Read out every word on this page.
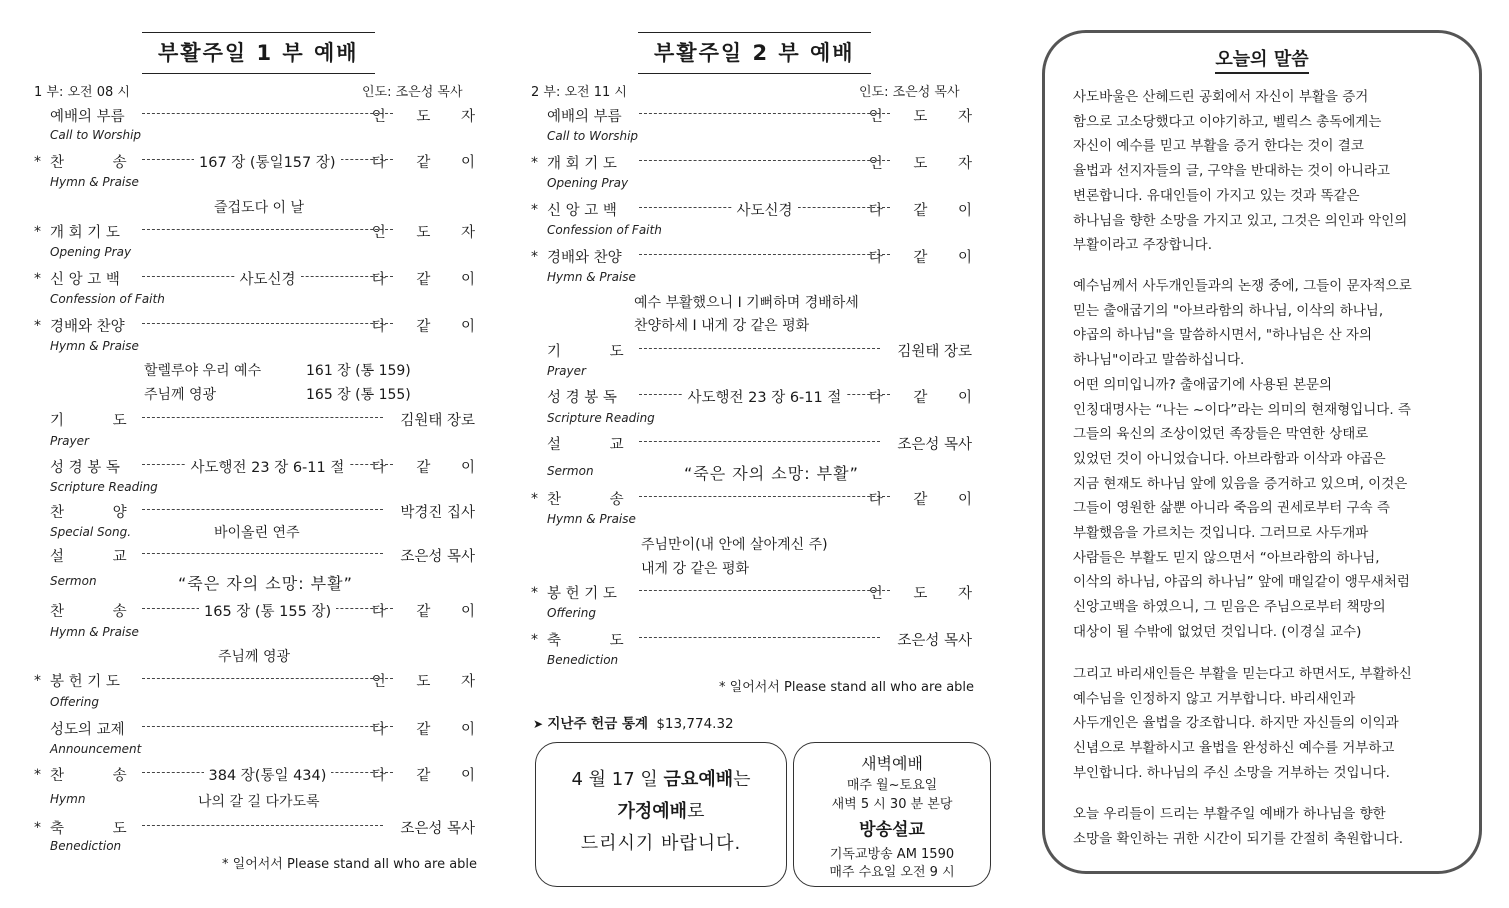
부활주일 1 부 예배
1 부: 오전 08 시	인도: 조은성 목사
예배의 부름	인 도 자
Call to Worship
* 찬 송	167 장 (통일157 장)	다 같 이
Hymn & Praise
* 개 회 기 도	인 도 자
Opening Pray
* 신 앙 고 백	사도신경	다 같 이
Confession of Faith
* 경배와 찬양	다 같 이
Hymn & Praise
기 도	김원태 장로
Prayer
성 경 봉 독	사도행전 23 장 6-11 절	다 같 이
Scripture Reading
찬 양	박경진 집사
Special Song.
설 교	조은성 목사
Sermon
찬 송	165 장 (통 155 장)	다 같 이
Hymn & Praise
* 봉 헌 기 도	인 도 자
Offering
성도의 교제	다 같 이
Announcement
* 찬 송	384 장(통일 434)	다 같 이
Hymn
* 축 도	조은성 목사
Benediction
즐겁도다 이 날
할렐루야 우리 예수	161 장 (통 159)
주님께 영광	165 장 (통 155)
바이올린 연주
“죽은 자의 소망: 부활”
주님께 영광
나의 갈 길 다가도록
* 일어서서 Please stand all who are able
부활주일 2 부 예배
2 부: 오전 11 시	인도: 조은성 목사
예배의 부름	인 도 자
Call to Worship
* 개 회 기 도	인 도 자
Opening Pray
* 신 앙 고 백	사도신경	다 같 이
Confession of Faith
* 경배와 찬양	다 같 이
Hymn & Praise
기 도	김원태 장로
Prayer
성 경 봉 독	사도행전 23 장 6-11 절	다 같 이
Scripture Reading
설 교	조은성 목사
Sermon
* 찬 송	다 같 이
Hymn & Praise
* 봉 헌 기 도	인 도 자
Offering
* 축 도	조은성 목사
Benediction
예수 부활했으니 I 기뻐하며 경배하세
찬양하세 I 내게 강 같은 평화
“죽은 자의 소망: 부활”
주님만이(내 안에 살아계신 주)
내게 강 같은 평화
* 일어서서 Please stand all who are able
➤ 지난주 헌금 통계 $13,774.32
4 월 17 일 금요예배는
가정예배로
드리시기 바랍니다.
새벽예배
매주 월~토요일
새벽 5 시 30 분 본당
방송설교
기독교방송 AM 1590
매주 수요일 오전 9 시
오늘의 말씀
사도바울은 산헤드린 공회에서 자신이 부활을 증거
함으로 고소당했다고 이야기하고, 벨릭스 총독에게는
자신이 예수를 믿고 부활을 증거 한다는 것이 결코
율법과 선지자들의 글, 구약을 반대하는 것이 아니라고
변론합니다. 유대인들이 가지고 있는 것과 똑같은
하나님을 향한 소망을 가지고 있고, 그것은 의인과 악인의
부활이라고 주장합니다.
예수님께서 사두개인들과의 논쟁 중에, 그들이 문자적으로
믿는 출애굽기의 "아브라함의 하나님, 이삭의 하나님,
야곱의 하나님"을 말씀하시면서, "하나님은 산 자의
하나님"이라고 말씀하십니다.
어떤 의미입니까? 출애굽기에 사용된 본문의
인칭대명사는 “나는 ~이다”라는 의미의 현재형입니다. 즉
그들의 육신의 조상이었던 족장들은 막연한 상태로
있었던 것이 아니었습니다. 아브라함과 이삭과 야곱은
지금 현재도 하나님 앞에 있음을 증거하고 있으며, 이것은
그들이 영원한 삶뿐 아니라 죽음의 권세로부터 구속 즉
부활했음을 가르치는 것입니다. 그러므로 사두개파
사람들은 부활도 믿지 않으면서 “아브라함의 하나님,
이삭의 하나님, 야곱의 하나님” 앞에 매일같이 앵무새처럼
신앙고백을 하였으니, 그 믿음은 주님으로부터 책망의
대상이 될 수밖에 없었던 것입니다. (이경실 교수)
그리고 바리새인들은 부활을 믿는다고 하면서도, 부활하신
예수님을 인정하지 않고 거부합니다. 바리새인과
사두개인은 율법을 강조합니다. 하지만 자신들의 이익과
신념으로 부활하시고 율법을 완성하신 예수를 거부하고
부인합니다. 하나님의 주신 소망을 거부하는 것입니다.
오늘 우리들이 드리는 부활주일 예배가 하나님을 향한
소망을 확인하는 귀한 시간이 되기를 간절히 축원합니다.
